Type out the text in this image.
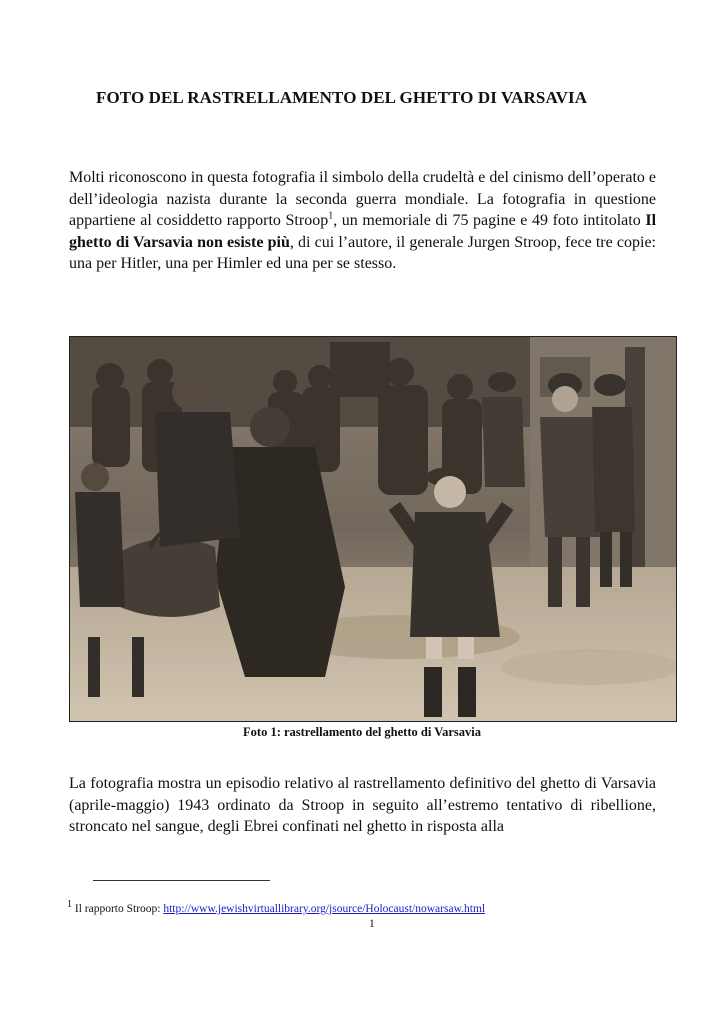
FOTO DEL RASTRELLAMENTO DEL GHETTO DI VARSAVIA
Molti riconoscono in questa fotografia il simbolo della crudeltà e del cinismo dell’operato e dell’ideologia nazista durante la seconda guerra mondiale. La fotografia in questione appartiene al cosiddetto rapporto Stroop$^1$, un memoriale di 75 pagine e 49 foto intitolato Il ghetto di Varsavia non esiste più, di cui l’autore, il generale Jurgen Stroop, fece tre copie: una per Hitler, una per Himler ed una per se stesso.
Foto 1: rastrellamento del ghetto di Varsavia
La fotografia mostra un episodio relativo al rastrellamento definitivo del ghetto di Varsavia (aprile-maggio) 1943 ordinato da Stroop in seguito all’estremo tentativo di ribellione, stroncato nel sangue, degli Ebrei confinati nel ghetto in risposta alla
$^1$ Il rapporto Stroop: http://www.jewishvirtuallibrary.org/jsource/Holocaust/nowarsaw.html
1
